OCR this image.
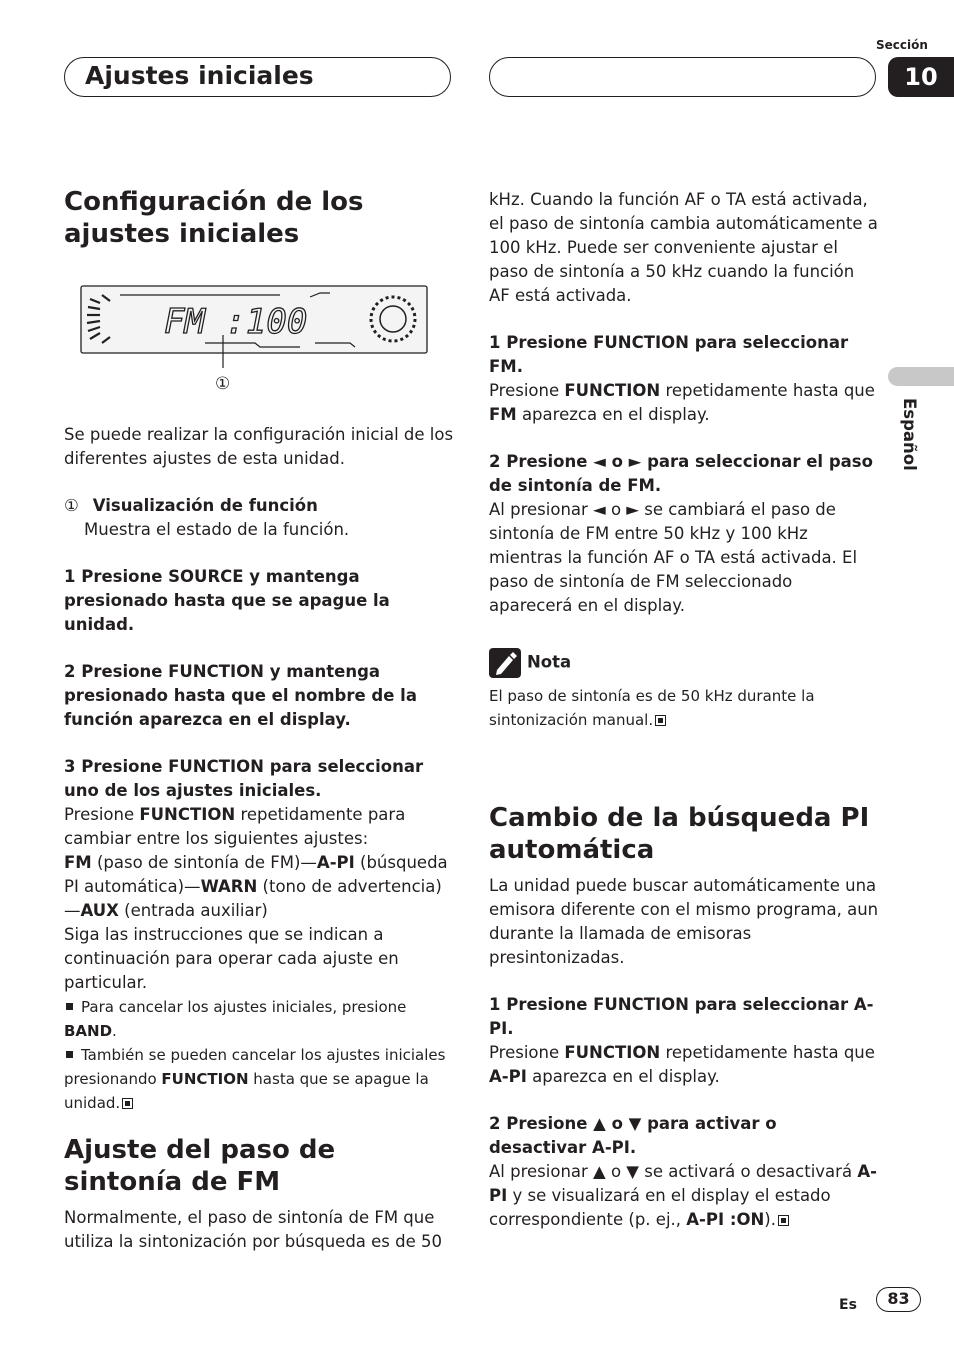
Ajustes iniciales
Sección
10
Español
Configuración de los ajustes iniciales
FM :100
①

Se puede realizar la configuración inicial de los diferentes ajustes de esta unidad.

① Visualización de función

Muestra el estado de la función.

1 Presione SOURCE y mantenga presionado hasta que se apague la unidad.

2 Presione FUNCTION y mantenga presionado hasta que el nombre de la función aparezca en el display.

3 Presione FUNCTION para seleccionar uno de los ajustes iniciales.

Presione FUNCTION repetidamente para cambiar entre los siguientes ajustes:

FM (paso de sintonía de FM)—A-PI (búsqueda PI automática)—WARN (tono de advertencia) —AUX (entrada auxiliar)

Siga las instrucciones que se indican a continuación para operar cada ajuste en particular.

Para cancelar los ajustes iniciales, presione BAND.

También se pueden cancelar los ajustes iniciales presionando FUNCTION hasta que se apague la unidad.

Ajuste del paso de sintonía de FM

Normalmente, el paso de sintonía de FM que utiliza la sintonización por búsqueda es de 50

kHz. Cuando la función AF o TA está activada, el paso de sintonía cambia automáticamente a 100 kHz. Puede ser conveniente ajustar el paso de sintonía a 50 kHz cuando la función AF está activada.

1 Presione FUNCTION para seleccionar FM.

Presione FUNCTION repetidamente hasta que FM aparezca en el display.

2 Presione ◄ o ► para seleccionar el paso de sintonía de FM.

Al presionar ◄ o ► se cambiará el paso de sintonía de FM entre 50 kHz y 100 kHz mientras la función AF o TA está activada. El paso de sintonía de FM seleccionado aparecerá en el display.

Nota

El paso de sintonía es de 50 kHz durante la sintonización manual.

Cambio de la búsqueda PI automática

La unidad puede buscar automáticamente una emisora diferente con el mismo programa, aun durante la llamada de emisoras presintonizadas.

1 Presione FUNCTION para seleccionar A-PI.

Presione FUNCTION repetidamente hasta que A-PI aparezca en el display.

2 Presione ▲ o ▼ para activar o desactivar A-PI.

Al presionar ▲ o ▼ se activará o desactivará A-PI y se visualizará en el display el estado correspondiente (p. ej., A-PI :ON).

Es	83
